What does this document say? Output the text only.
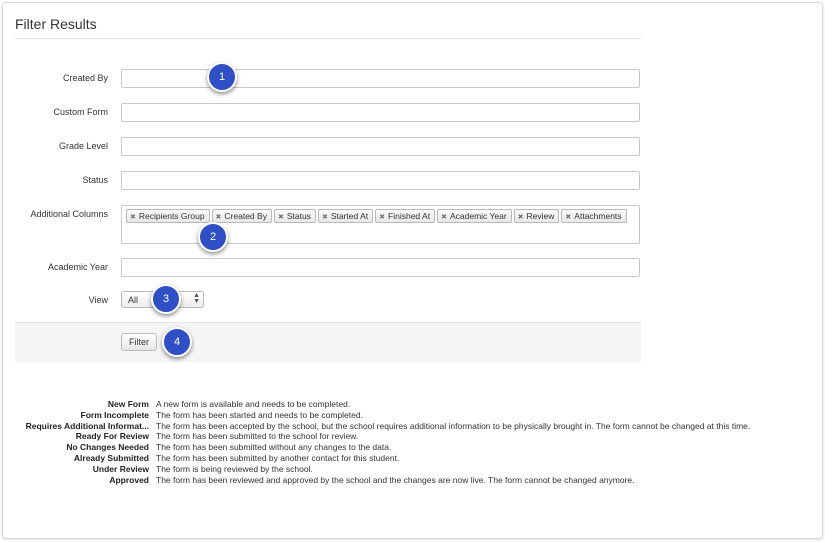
Filter Results
Created By
Custom Form
Grade Level
Status
Additional Columns	✖ Recipients Group ✖ Created By ✖ Status ✖ Started At ✖ Finished At ✖ Academic Year ✖ Review ✖ Attachments
Academic Year
View All	▲
▼
Filter
1
2
3
4
New Form A new form is available and needs to be completed.
Form Incomplete The form has been started and needs to be completed.
Requires Additional Informat... The form has been accepted by the school, but the school requires additional information to be physically brought in. The form cannot be changed at this time.
Ready For Review The form has been submitted to the school for review.
No Changes Needed The form has been submitted without any changes to the data.
Already Submitted The form has been submitted by another contact for this student.
Under Review The form is being reviewed by the school.
Approved The form has been reviewed and approved by the school and the changes are now live. The form cannot be changed anymore.
